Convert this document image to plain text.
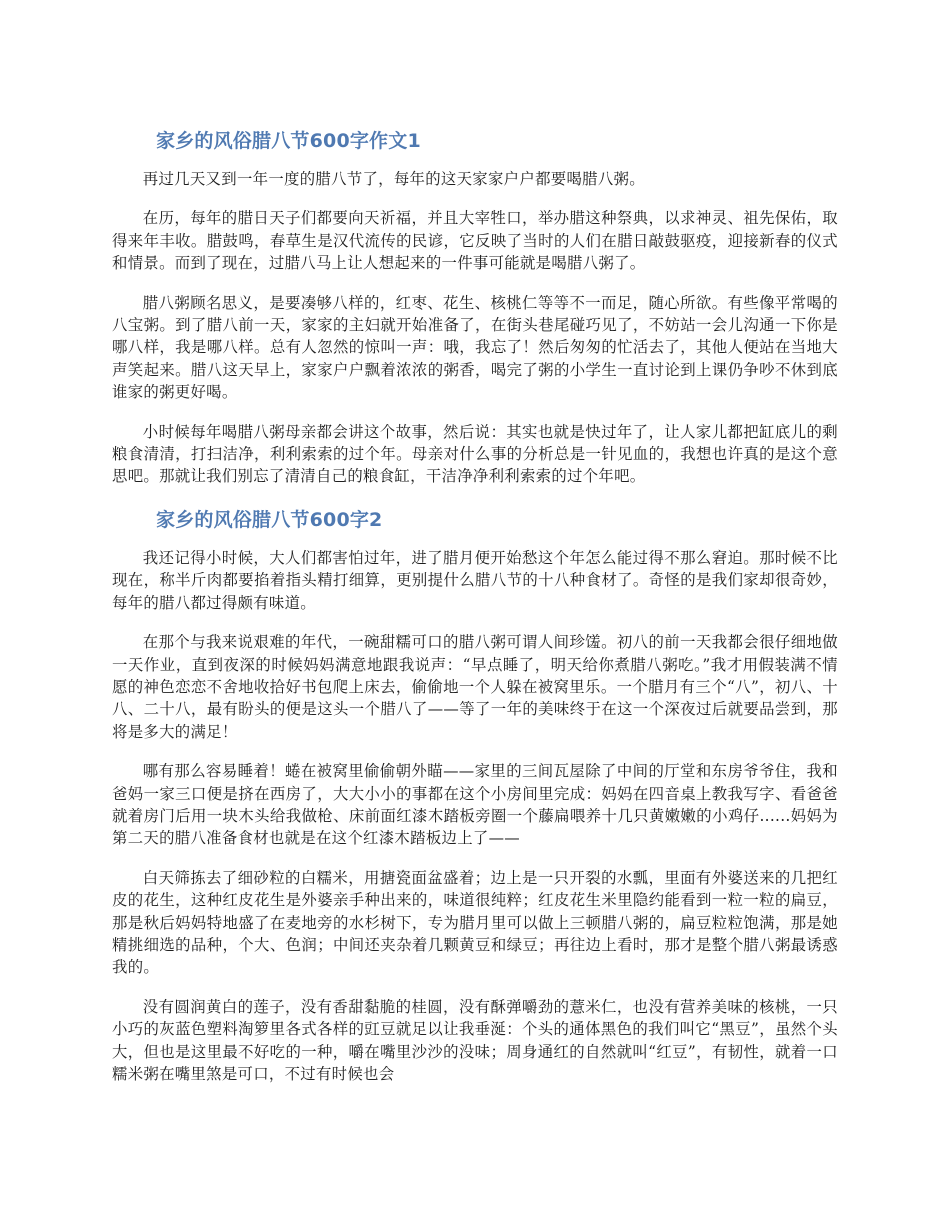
家乡的风俗腊八节600字作文1

再过几天又到一年一度的腊八节了，每年的这天家家户户都要喝腊八粥。

在历，每年的腊日天子们都要向天祈福，并且大宰牲口，举办腊这种祭典，以求神灵、祖先保佑，取得来年丰收。腊鼓鸣，春草生是汉代流传的民谚，它反映了当时的人们在腊日敲鼓驱疫，迎接新春的仪式和情景。而到了现在，过腊八马上让人想起来的一件事可能就是喝腊八粥了。

腊八粥顾名思义，是要凑够八样的，红枣、花生、核桃仁等等不一而足，随心所欲。有些像平常喝的八宝粥。到了腊八前一天，家家的主妇就开始准备了，在街头巷尾碰巧见了，不妨站一会儿沟通一下你是哪八样，我是哪八样。总有人忽然的惊叫一声：哦，我忘了！然后匆匆的忙活去了，其他人便站在当地大声笑起来。腊八这天早上，家家户户飘着浓浓的粥香，喝完了粥的小学生一直讨论到上课仍争吵不休到底谁家的粥更好喝。

小时候每年喝腊八粥母亲都会讲这个故事，然后说：其实也就是快过年了，让人家儿都把缸底儿的剩粮食清清，打扫洁净，利利索索的过个年。母亲对什么事的分析总是一针见血的，我想也许真的是这个意思吧。那就让我们别忘了清清自己的粮食缸，干洁净净利利索索的过个年吧。

家乡的风俗腊八节600字2

我还记得小时候，大人们都害怕过年，进了腊月便开始愁这个年怎么能过得不那么窘迫。那时候不比现在，称半斤肉都要掐着指头精打细算，更别提什么腊八节的十八种食材了。奇怪的是我们家却很奇妙，每年的腊八都过得颇有味道。

在那个与我来说艰难的年代，一碗甜糯可口的腊八粥可谓人间珍馐。初八的前一天我都会很仔细地做一天作业，直到夜深的时候妈妈满意地跟我说声：“早点睡了，明天给你煮腊八粥吃。”我才用假装满不情愿的神色恋恋不舍地收拾好书包爬上床去，偷偷地一个人躲在被窝里乐。一个腊月有三个“八”，初八、十八、二十八，最有盼头的便是这头一个腊八了——等了一年的美味终于在这一个深夜过后就要品尝到，那将是多大的满足！

哪有那么容易睡着！蜷在被窝里偷偷朝外瞄——家里的三间瓦屋除了中间的厅堂和东房爷爷住，我和爸妈一家三口便是挤在西房了，大大小小的事都在这个小房间里完成：妈妈在四音桌上教我写字、看爸爸就着房门后用一块木头给我做枪、床前面红漆木踏板旁圈一个藤扁喂养十几只黄嫩嫩的小鸡仔......妈妈为第二天的腊八准备食材也就是在这个红漆木踏板边上了——

白天筛拣去了细砂粒的白糯米，用搪瓷面盆盛着；边上是一只开裂的水瓢，里面有外婆送来的几把红皮的花生，这种红皮花生是外婆亲手种出来的，味道很纯粹；红皮花生米里隐约能看到一粒一粒的扁豆，那是秋后妈妈特地盛了在麦地旁的水杉树下，专为腊月里可以做上三顿腊八粥的，扁豆粒粒饱满，那是她精挑细选的品种，个大、色润；中间还夹杂着几颗黄豆和绿豆；再往边上看时，那才是整个腊八粥最诱惑我的。

没有圆润黄白的莲子，没有香甜黏脆的桂圆，没有酥弹嚼劲的薏米仁，也没有营养美味的核桃，一只小巧的灰蓝色塑料淘箩里各式各样的豇豆就足以让我垂涎：个头的通体黑色的我们叫它“黑豆”，虽然个头大，但也是这里最不好吃的一种，嚼在嘴里沙沙的没味；周身通红的自然就叫“红豆”，有韧性，就着一口糯米粥在嘴里煞是可口，不过有时候也会
